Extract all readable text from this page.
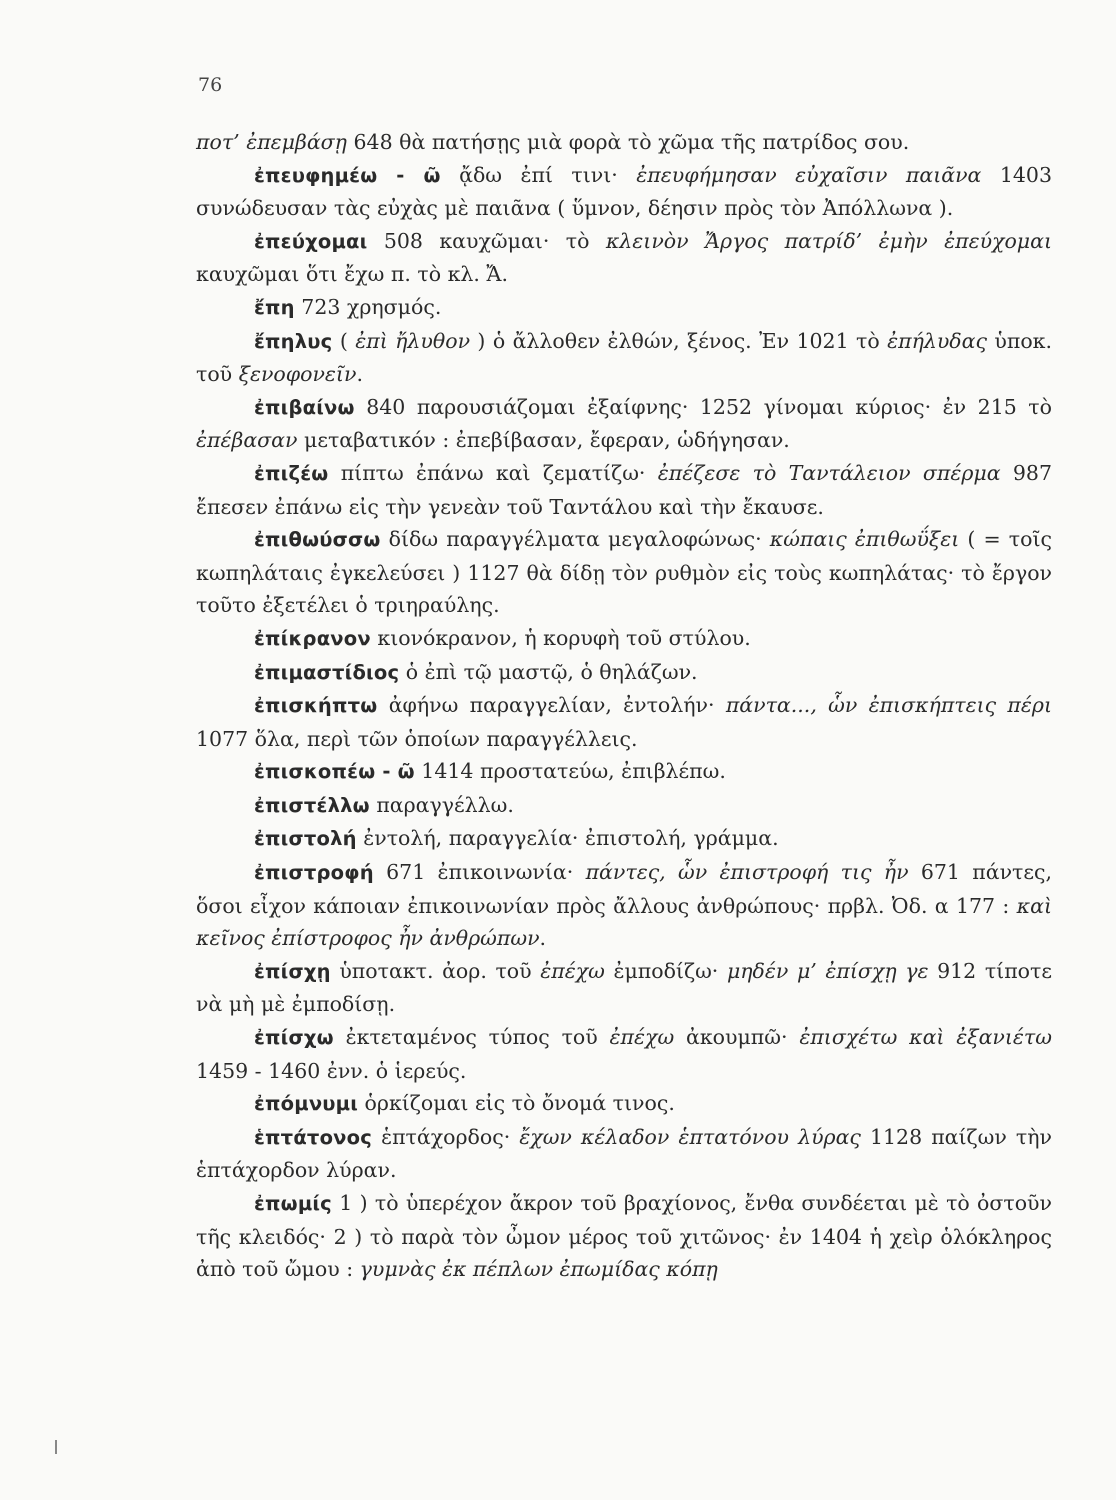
76

ποτ’ ἐπεμβάσῃ 648 θὰ πατήσῃς μιὰ φορὰ τὸ χῶμα τῆς πατρίδος σου.

ἐπευφημέω - ῶ ᾄδω ἐπί τινι· ἐπευφήμησαν εὐχαῖσιν παιᾶνα 1403 συνώδευσαν τὰς εὐχὰς μὲ παιᾶνα ( ὕμνον, δέησιν πρὸς τὸν Ἀπόλλωνα ).

ἐπεύχομαι 508 καυχῶμαι· τὸ κλεινὸν Ἄργος πατρίδ’ ἐμὴν ἐπεύχομαι καυχῶμαι ὅτι ἔχω π. τὸ κλ. Ἄ.

ἔπη 723 χρησμός.

ἔπηλυς ( ἐπὶ ἤλυθον ) ὁ ἄλλοθεν ἐλθών, ξένος. Ἐν 1021 τὸ ἐπήλυδας ὑποκ. τοῦ ξενοφονεῖν.

ἐπιβαίνω 840 παρουσιάζομαι ἐξαίφνης· 1252 γίνομαι κύριος· ἐν 215 τὸ ἐπέβασαν μεταβατικόν : ἐπεβίβασαν, ἔφεραν, ὡδήγησαν.

ἐπιζέω πίπτω ἐπάνω καὶ ζεματίζω· ἐπέζεσε τὸ Ταντάλειον σπέρμα 987 ἔπεσεν ἐπάνω εἰς τὴν γενεὰν τοῦ Ταντάλου καὶ τὴν ἔκαυσε.

ἐπιθωύσσω δίδω παραγγέλματα μεγαλοφώνως· κώπαις ἐπιθωΰξει ( = τοῖς κωπηλάταις ἐγκελεύσει ) 1127 θὰ δίδῃ τὸν ρυθμὸν εἰς τοὺς κωπηλάτας· τὸ ἔργον τοῦτο ἐξετέλει ὁ τριηραύλης.

ἐπίκρανον κιονόκρανον, ἡ κορυφὴ τοῦ στύλου.

ἐπιμαστίδιος ὁ ἐπὶ τῷ μαστῷ, ὁ θηλάζων.

ἐπισκήπτω ἀφήνω παραγγελίαν, ἐντολήν· πάντα..., ὧν ἐπισκήπτεις πέρι 1077 ὅλα, περὶ τῶν ὁποίων παραγγέλλεις.

ἐπισκοπέω - ῶ 1414 προστατεύω, ἐπιβλέπω.

ἐπιστέλλω παραγγέλλω.

ἐπιστολή ἐντολή, παραγγελία· ἐπιστολή, γράμμα.

ἐπιστροφή 671 ἐπικοινωνία· πάντες, ὧν ἐπιστροφή τις ἦν 671 πάντες, ὅσοι εἶχον κάποιαν ἐπικοινωνίαν πρὸς ἄλλους ἀνθρώπους· πρβλ. Ὀδ. α 177 : καὶ κεῖνος ἐπίστροφος ἦν ἀνθρώπων.

ἐπίσχῃ ὑποτακτ. ἀορ. τοῦ ἐπέχω ἐμποδίζω· μηδέν μ’ ἐπίσχῃ γε 912 τίποτε νὰ μὴ μὲ ἐμποδίσῃ.

ἐπίσχω ἐκτεταμένος τύπος τοῦ ἐπέχω ἀκουμπῶ· ἐπισχέτω καὶ ἐξανιέτω 1459 - 1460 ἐνν. ὁ ἱερεύς.

ἐπόμνυμι ὁρκίζομαι εἰς τὸ ὄνομά τινος.

ἑπτάτονος ἑπτάχορδος· ἔχων κέλαδον ἑπτατόνου λύρας 1128 παίζων τὴν ἑπτάχορδον λύραν.

ἐπωμίς 1 ) τὸ ὑπερέχον ἄκρον τοῦ βραχίονος, ἔνθα συνδέεται μὲ τὸ ὀστοῦν τῆς κλειδός· 2 ) τὸ παρὰ τὸν ὦμον μέρος τοῦ χιτῶνος· ἐν 1404 ἡ χεὶρ ὁλόκληρος ἀπὸ τοῦ ὤμου : γυμνὰς ἐκ πέπλων ἐπωμίδας κόπῃ
